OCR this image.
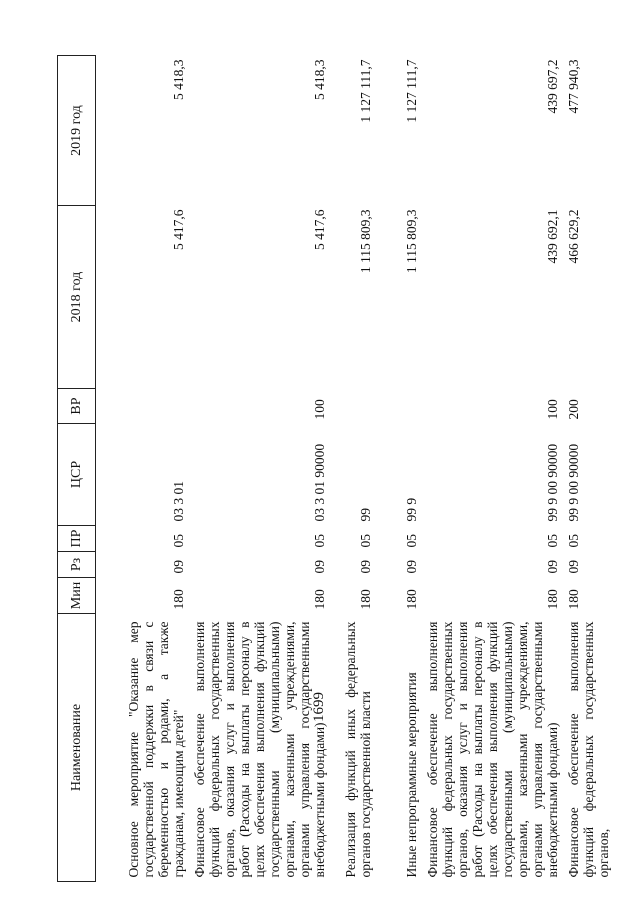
1699
Наименование	Мин	Рз	ПР	ЦСР	ВР	2018 год	2019 год
Основное мероприятие "Оказание мер государственной поддержки в связи с беременностью и родами, а также гражданам, имеющим детей"	180	09	05	03 3 01		5 417,6	5 418,3
Финансовое обеспечение выполнения функций федеральных государственных органов, оказания услуг и выполнения работ (Расходы на выплаты персоналу в целях обеспечения выполнения функций государственными (муниципальными) органами, казенными учреждениями, органами управления государственными внебюджетными фондами)	180	09	05	03 3 01 90000	100	5 417,6	5 418,3
Реализация функций иных федеральных органов государственной власти	180	09	05	99		1 115 809,3	1 127 111,7
Иные непрограммные мероприятия	180	09	05	99 9		1 115 809,3	1 127 111,7
Финансовое обеспечение выполнения функций федеральных государственных органов, оказания услуг и выполнения работ (Расходы на выплаты персоналу в целях обеспечения выполнения функций государственными (муниципальными) органами, казенными учреждениями, органами управления государственными внебюджетными фондами)	180	09	05	99 9 00 90000	100	439 692,1	439 697,2
Финансовое обеспечение выполнения функций федеральных государственных органов,	180	09	05	99 9 00 90000	200	466 629,2	477 940,3
